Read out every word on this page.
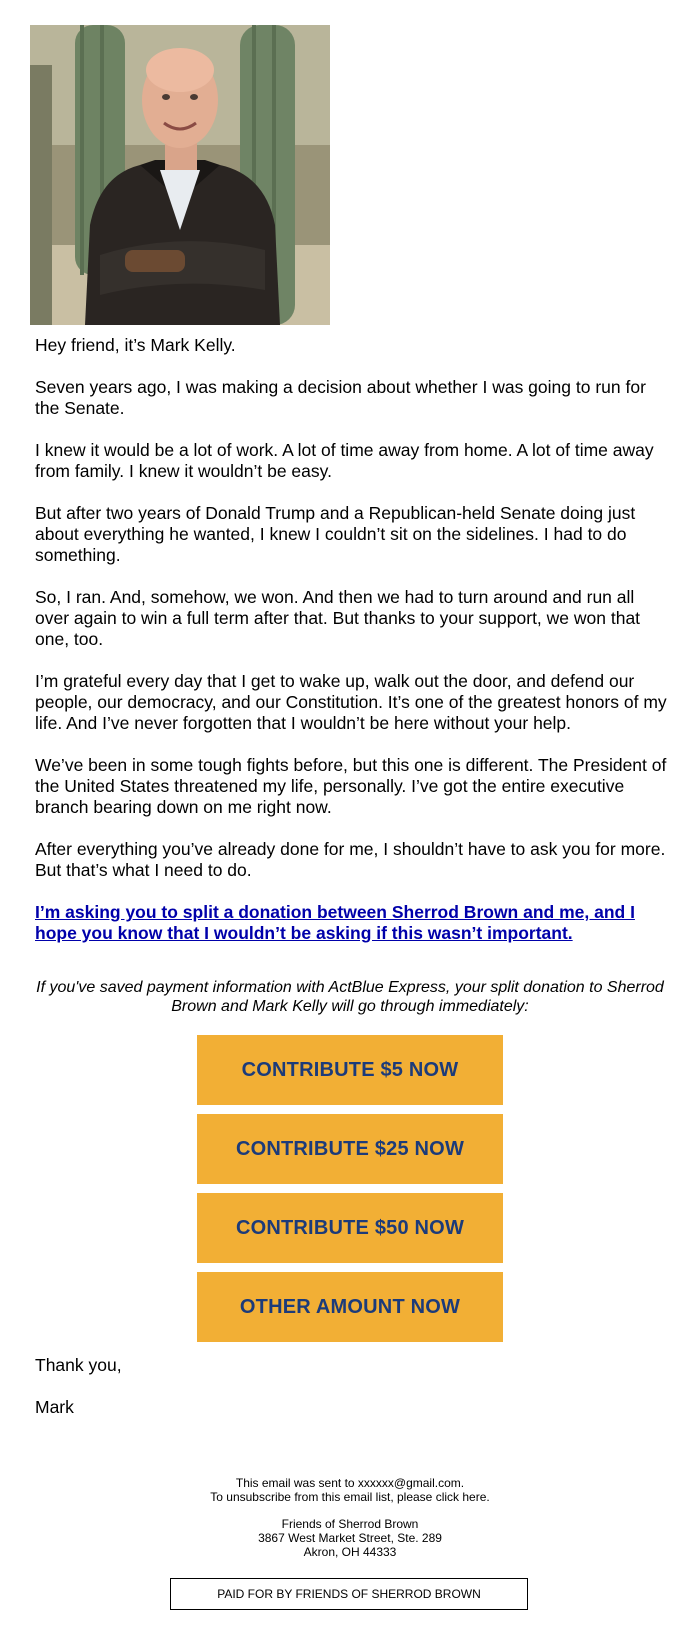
Hey friend, it’s Mark Kelly.

Seven years ago, I was making a decision about whether I was going to run for the Senate.

I knew it would be a lot of work. A lot of time away from home. A lot of time away from family. I knew it wouldn’t be easy.

But after two years of Donald Trump and a Republican-held Senate doing just about everything he wanted, I knew I couldn’t sit on the sidelines. I had to do something.

So, I ran. And, somehow, we won. And then we had to turn around and run all over again to win a full term after that. But thanks to your support, we won that one, too.

I’m grateful every day that I get to wake up, walk out the door, and defend our people, our democracy, and our Constitution. It’s one of the greatest honors of my life. And I’ve never forgotten that I wouldn’t be here without your help.

We’ve been in some tough fights before, but this one is different. The President of the United States threatened my life, personally. I’ve got the entire executive branch bearing down on me right now.

After everything you’ve already done for me, I shouldn’t have to ask you for more. But that’s what I need to do.

I’m asking you to split a donation between Sherrod Brown and me, and I hope you know that I wouldn’t be asking if this wasn’t important.

If you've saved payment information with ActBlue Express, your split donation to Sherrod Brown and Mark Kelly will go through immediately:
CONTRIBUTE $5 NOW
CONTRIBUTE $25 NOW
CONTRIBUTE $50 NOW
OTHER AMOUNT NOW
Thank you,
Mark
This email was sent to xxxxxx@gmail.com.
To unsubscribe from this email list, please click here.
Friends of Sherrod Brown
3867 West Market Street, Ste. 289
Akron, OH 44333
PAID FOR BY FRIENDS OF SHERROD BROWN
